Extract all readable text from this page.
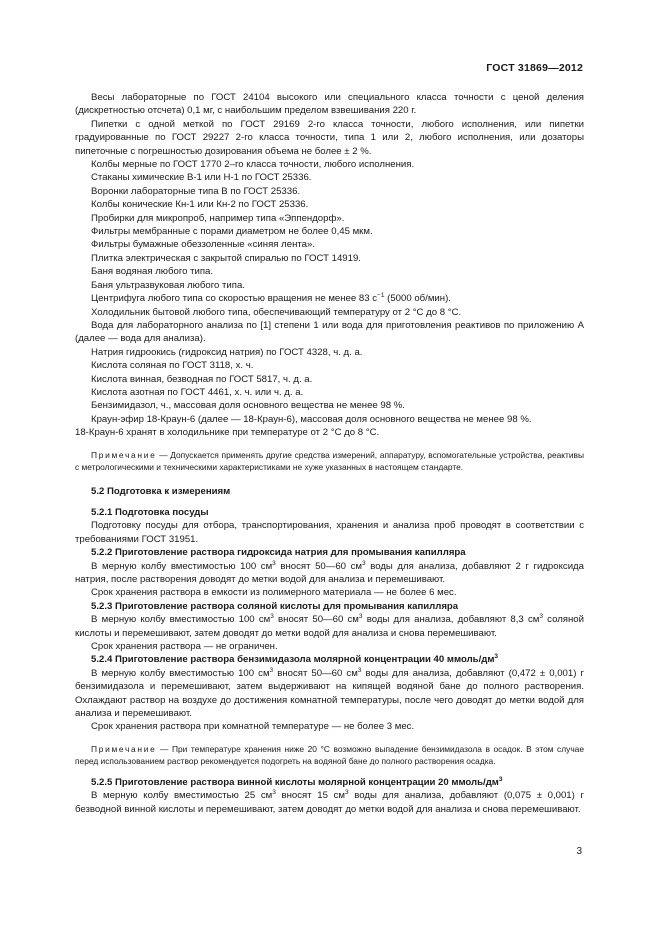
ГОСТ 31869—2012

Весы лабораторные по ГОСТ 24104 высокого или специального класса точности с ценой деления (дискретностью отсчета) 0,1 мг, с наибольшим пределом взвешивания 220 г.

Пипетки с одной меткой по ГОСТ 29169 2-го класса точности, любого исполнения, или пипетки градуированные по ГОСТ 29227 2-го класса точности, типа 1 или 2, любого исполнения, или дозаторы пипеточные с погрешностью дозирования объема не более ± 2 %.

Колбы мерные по ГОСТ 1770 2–го класса точности, любого исполнения.

Стаканы химические В-1 или Н-1 по ГОСТ 25336.

Воронки лабораторные типа В по ГОСТ 25336.

Колбы конические Кн-1 или Кн-2 по ГОСТ 25336.

Пробирки для микропроб, например типа «Эппендорф».

Фильтры мембранные с порами диаметром не более 0,45 мкм.

Фильтры бумажные обеззоленные «синяя лента».

Плитка электрическая с закрытой спиралью по ГОСТ 14919.

Баня водяная любого типа.

Баня ультразвуковая любого типа.

Центрифуга любого типа со скоростью вращения не менее 83 $с^{-1}$ (5000 об/мин).

Холодильник бытовой любого типа, обеспечивающий температуру от 2 °С до 8 °С.

Вода для лабораторного анализа по [1] степени 1 или вода для приготовления реактивов по приложению А (далее — вода для анализа).

Натрия гидроокись (гидроксид натрия) по ГОСТ 4328, ч. д. а.

Кислота соляная по ГОСТ 3118, х. ч.

Кислота винная, безводная по ГОСТ 5817, ч. д. а.

Кислота азотная по ГОСТ 4461, х. ч. или ч. д. а.

Бензимидазол, ч., массовая доля основного вещества не менее 98 %.

Краун-эфир 18-Краун-6 (далее — 18-Краун-6), массовая доля основного вещества не менее 98 %.

18-Краун-6 хранят в холодильнике при температуре от 2 °С до 8 °С.

Примечание — Допускается применять другие средства измерений, аппаратуру, вспомогательные устройства, реактивы с метрологическими и техническими характеристиками не хуже указанных в настоящем стандарте.

5.2 Подготовка к измерениям

5.2.1 Подготовка посуды

Подготовку посуды для отбора, транспортирования, хранения и анализа проб проводят в соответствии с требованиями ГОСТ 31951.

5.2.2 Приготовление раствора гидроксида натрия для промывания капилляра

В мерную колбу вместимостью 100 $см^3$ вносят 50—60 $см^3$ воды для анализа, добавляют 2 г гидроксида натрия, после растворения доводят до метки водой для анализа и перемешивают.

Срок хранения раствора в емкости из полимерного материала — не более 6 мес.

5.2.3 Приготовление раствора соляной кислоты для промывания капилляра

В мерную колбу вместимостью 100 $см^3$ вносят 50—60 $см^3$ воды для анализа, добавляют 8,3 $см^3$ соляной кислоты и перемешивают, затем доводят до метки водой для анализа и снова перемешивают.

Срок хранения раствора — не ограничен.

5.2.4 Приготовление раствора бензимидазола молярной концентрации 40 ммоль/$дм^3$

В мерную колбу вместимостью 100 $см^3$ вносят 50—60 $см^3$ воды для анализа, добавляют (0,472 ± 0,001) г бензимидазола и перемешивают, затем выдерживают на кипящей водяной бане до полного растворения. Охлаждают раствор на воздухе до достижения комнатной температуры, после чего доводят до метки водой для анализа и перемешивают.

Срок хранения раствора при комнатной температуре — не более 3 мес.

Примечание — При температуре хранения ниже 20 °С возможно выпадение бензимидазола в осадок. В этом случае перед использованием раствор рекомендуется подогреть на водяной бане до полного растворения осадка.

5.2.5 Приготовление раствора винной кислоты молярной концентрации 20 ммоль/$дм^3$

В мерную колбу вместимостью 25 $см^3$ вносят 15 $см^3$ воды для анализа, добавляют (0,075 ± 0,001) г безводной винной кислоты и перемешивают, затем доводят до метки водой для анализа и снова перемешивают.

3
